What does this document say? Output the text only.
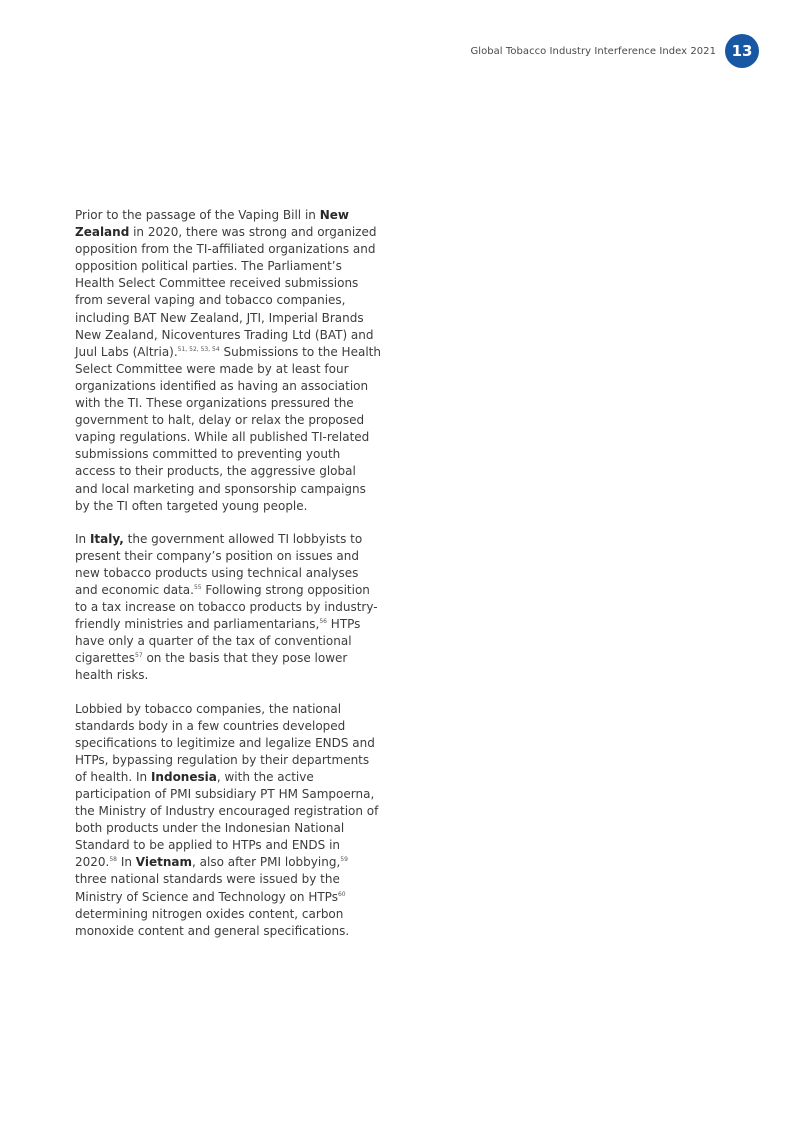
Global Tobacco Industry Interference Index 2021	13

Prior to the passage of the Vaping Bill in New Zealand in 2020, there was strong and organized opposition from the TI-affiliated organizations and opposition political parties. The Parliament’s Health Select Committee received submissions from several vaping and tobacco companies, including BAT New Zealand, JTI, Imperial Brands New Zealand, Nicoventures Trading Ltd (BAT) and Juul Labs (Altria).$^{51, 52, 53, 54}$ Submissions to the Health Select Committee were made by at least four organizations identified as having an association with the TI. These organizations pressured the government to halt, delay or relax the proposed vaping regulations. While all published TI-related submissions committed to preventing youth access to their products, the aggressive global and local marketing and sponsorship campaigns by the TI often targeted young people.

In Italy, the government allowed TI lobbyists to present their company’s position on issues and new tobacco products using technical analyses and economic data.$^{55}$ Following strong opposition to a tax increase on tobacco products by industry-friendly ministries and parliamentarians,$^{56}$ HTPs have only a quarter of the tax of conventional cigarettes$^{57}$ on the basis that they pose lower health risks.

Lobbied by tobacco companies, the national standards body in a few countries developed specifications to legitimize and legalize ENDS and HTPs, bypassing regulation by their departments of health. In Indonesia, with the active participation of PMI subsidiary PT HM Sampoerna, the Ministry of Industry encouraged registration of both products under the Indonesian National Standard to be applied to HTPs and ENDS in 2020.58 In Vietnam, also after PMI lobbying,$^{59}$ three national standards were issued by the Ministry of Science and Technology on HTPs$^{60}$ determining nitrogen oxides content, carbon monoxide content and general specifications.
